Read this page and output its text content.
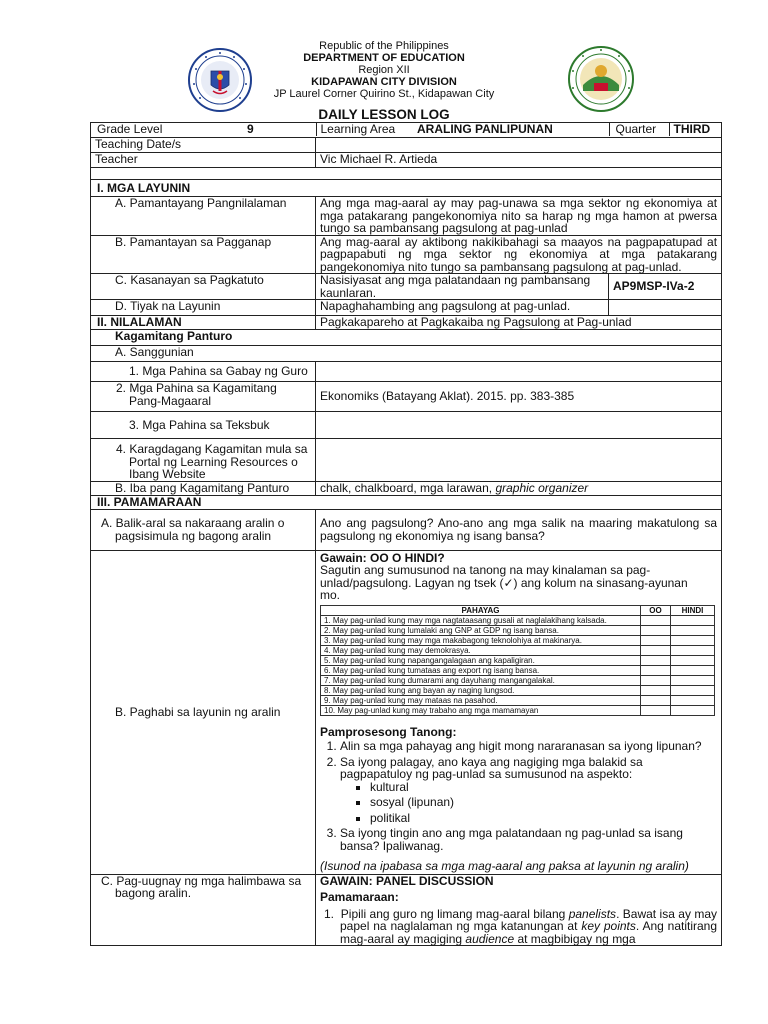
Republic of the Philippines
DEPARTMENT OF EDUCATION
Region XII
KIDAPAWAN CITY DIVISION
JP Laurel Corner Quirino St., Kidapawan City
DAILY LESSON LOG
Grade Level	9	Learning Area	ARALING PANLIPUNAN	Quarter	THIRD

Teaching Date/s	
Teacher	Vic Michael R. Artieda

I. MGA LAYUNIN
A. Pamantayang Pangnilalaman	Ang mga mag-aaral ay may pag-unawa sa mga sektor ng ekonomiya at mga patakarang pangekonomiya nito sa harap ng mga hamon at pwersa tungo sa pambansang pagsulong at pag-unlad
B. Pamantayan sa Pagganap	Ang mag-aaral ay aktibong nakikibahagi sa maayos na pagpapatupad at pagpapabuti ng mga sektor ng ekonomiya at mga patakarang pangekonomiya nito tungo sa pambansang pagsulong at pag-unlad.
C. Kasanayan sa Pagkatuto	Nasisiyasat ang mga palatandaan ng pambansang kaunlaran.	AP9MSP-IVa-2
D. Tiyak na Layunin	Napaghahambing ang pagsulong at pag-unlad.	
II. NILALAMAN	Pagkakapareho at Pagkakaiba ng Pagsulong at Pag-unlad
Kagamitang Panturo
A. Sanggunian
1. Mga Pahina sa Gabay ng Guro	
2. Mga Pahina sa Kagamitang Pang-Magaaral	Ekonomiks (Batayang Aklat). 2015. pp. 383-385
3. Mga Pahina sa Teksbuk	
4. Karagdagang Kagamitan mula sa Portal ng Learning Resources o Ibang Website	
B. Iba pang Kagamitang Panturo	chalk, chalkboard, mga larawan, graphic organizer
III. PAMAMARAAN
A. Balik-aral sa nakaraang aralin o pagsisimula ng bagong aralin	Ano ang pagsulong? Ano-ano ang mga salik na maaring makatulong sa pagsulong ng ekonomiya ng isang bansa?
B. Paghabi sa layunin ng aralin	
Gawain: OO O HINDI?
Sagutin ang sumusunod na tanong na may kinalaman sa pag-unlad/pagsulong. Lagyan ng tsek (✓) ang kolum na sinasang-ayunan mo.
PAHAYAG	OO	HINDI
1. May pag-unlad kung may mga nagtataasang gusali at naglalakihang kalsada.		
2. May pag-unlad kung lumalaki ang GNP at GDP ng isang bansa.		
3. May pag-unlad kung may mga makabagong teknolohiya at makinarya.		
4. May pag-unlad kung may demokrasya.		
5. May pag-unlad kung napangangalagaan ang kapaligiran.		
6. May pag-unlad kung tumataas ang export ng isang bansa.		
7. May pag-unlad kung dumarami ang dayuhang mangangalakal.		
8. May pag-unlad kung ang bayan ay naging lungsod.		
9. May pag-unlad kung may mataas na pasahod.		
10. May pag-unlad kung may trabaho ang mga mamamayan		
Pamprosesong Tanong:
1. Alin sa mga pahayag ang higit mong nararanasan sa iyong lipunan?
2. Sa iyong palagay, ano kaya ang nagiging mga balakid sa pagpapatuloy ng pag-unlad sa sumusunod na aspekto:
▪ kultural
▪ sosyal (lipunan)
▪ politikal
3. Sa iyong tingin ano ang mga palatandaan ng pag-unlad sa isang bansa? Ipaliwanag.
(Isunod na ipabasa sa mga mag-aaral ang paksa at layunin ng aralin)

C. Pag-uugnay ng mga halimbawa sa bagong aralin.	
GAWAIN: PANEL DISCUSSION
Pamamaraan:
1.  Pipili ang guro ng limang mag-aaral bilang panelists. Bawat isa ay may papel na naglalaman ng mga katanungan at key points. Ang natitirang mag-aaral ay magiging audience at magbibigay ng mga
